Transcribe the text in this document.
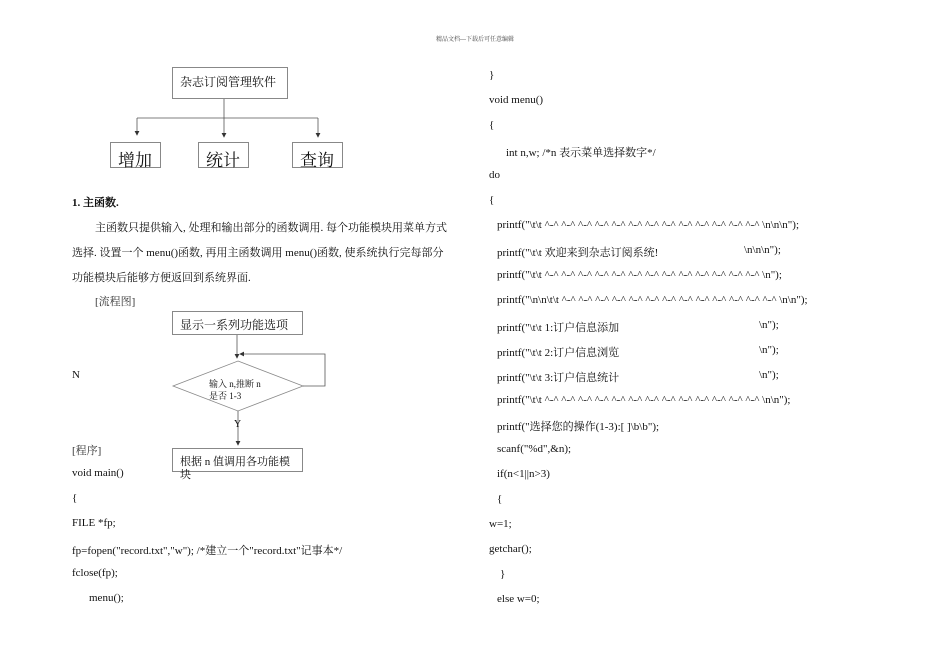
精品文档---下载后可任意编辑
杂志订阅管理软件
增加	统计	查询
1. 主函数.
主函数只提供输入, 处理和输出部分的函数调用. 每个功能模块用菜单方式
选择. 设置一个 menu()函数, 再用主函数调用 menu()函数, 使系统执行完每部分
功能模块后能够方便返回到系统界面.
[流程图]
显示一系列功能选项
输入 n,推断 n
是否 1-3
N
Y
根据 n 值调用各功能模
块
[程序]
void main()
{
FILE *fp;
fp=fopen("record.txt","w"); /*建立一个"record.txt"记事本*/
fclose(fp);
menu();
}
void menu()
{
int n,w; /*n 表示菜单选择数字*/
do
{
printf("\t\t ^-^ ^-^ ^-^ ^-^ ^-^ ^-^ ^-^ ^-^ ^-^ ^-^ ^-^ ^-^ ^-^ \n\n\n");
printf("\t\t 欢迎来到杂志订阅系统!	\n\n\n");
printf("\t\t ^-^ ^-^ ^-^ ^-^ ^-^ ^-^ ^-^ ^-^ ^-^ ^-^ ^-^ ^-^ ^-^ \n");
printf("\n\n\t\t ^-^ ^-^ ^-^ ^-^ ^-^ ^-^ ^-^ ^-^ ^-^ ^-^ ^-^ ^-^ ^-^ \n\n");
printf("\t\t 1:订户信息添加	\n");
printf("\t\t 2:订户信息浏览	\n");
printf("\t\t 3:订户信息统计	\n");
printf("\t\t ^-^ ^-^ ^-^ ^-^ ^-^ ^-^ ^-^ ^-^ ^-^ ^-^ ^-^ ^-^ ^-^ \n\n");
printf("选择您的操作(1-3):[ ]\b\b");
scanf("%d",&n);
if(n<1||n>3)
{
w=1;
getchar();
}
else w=0;
